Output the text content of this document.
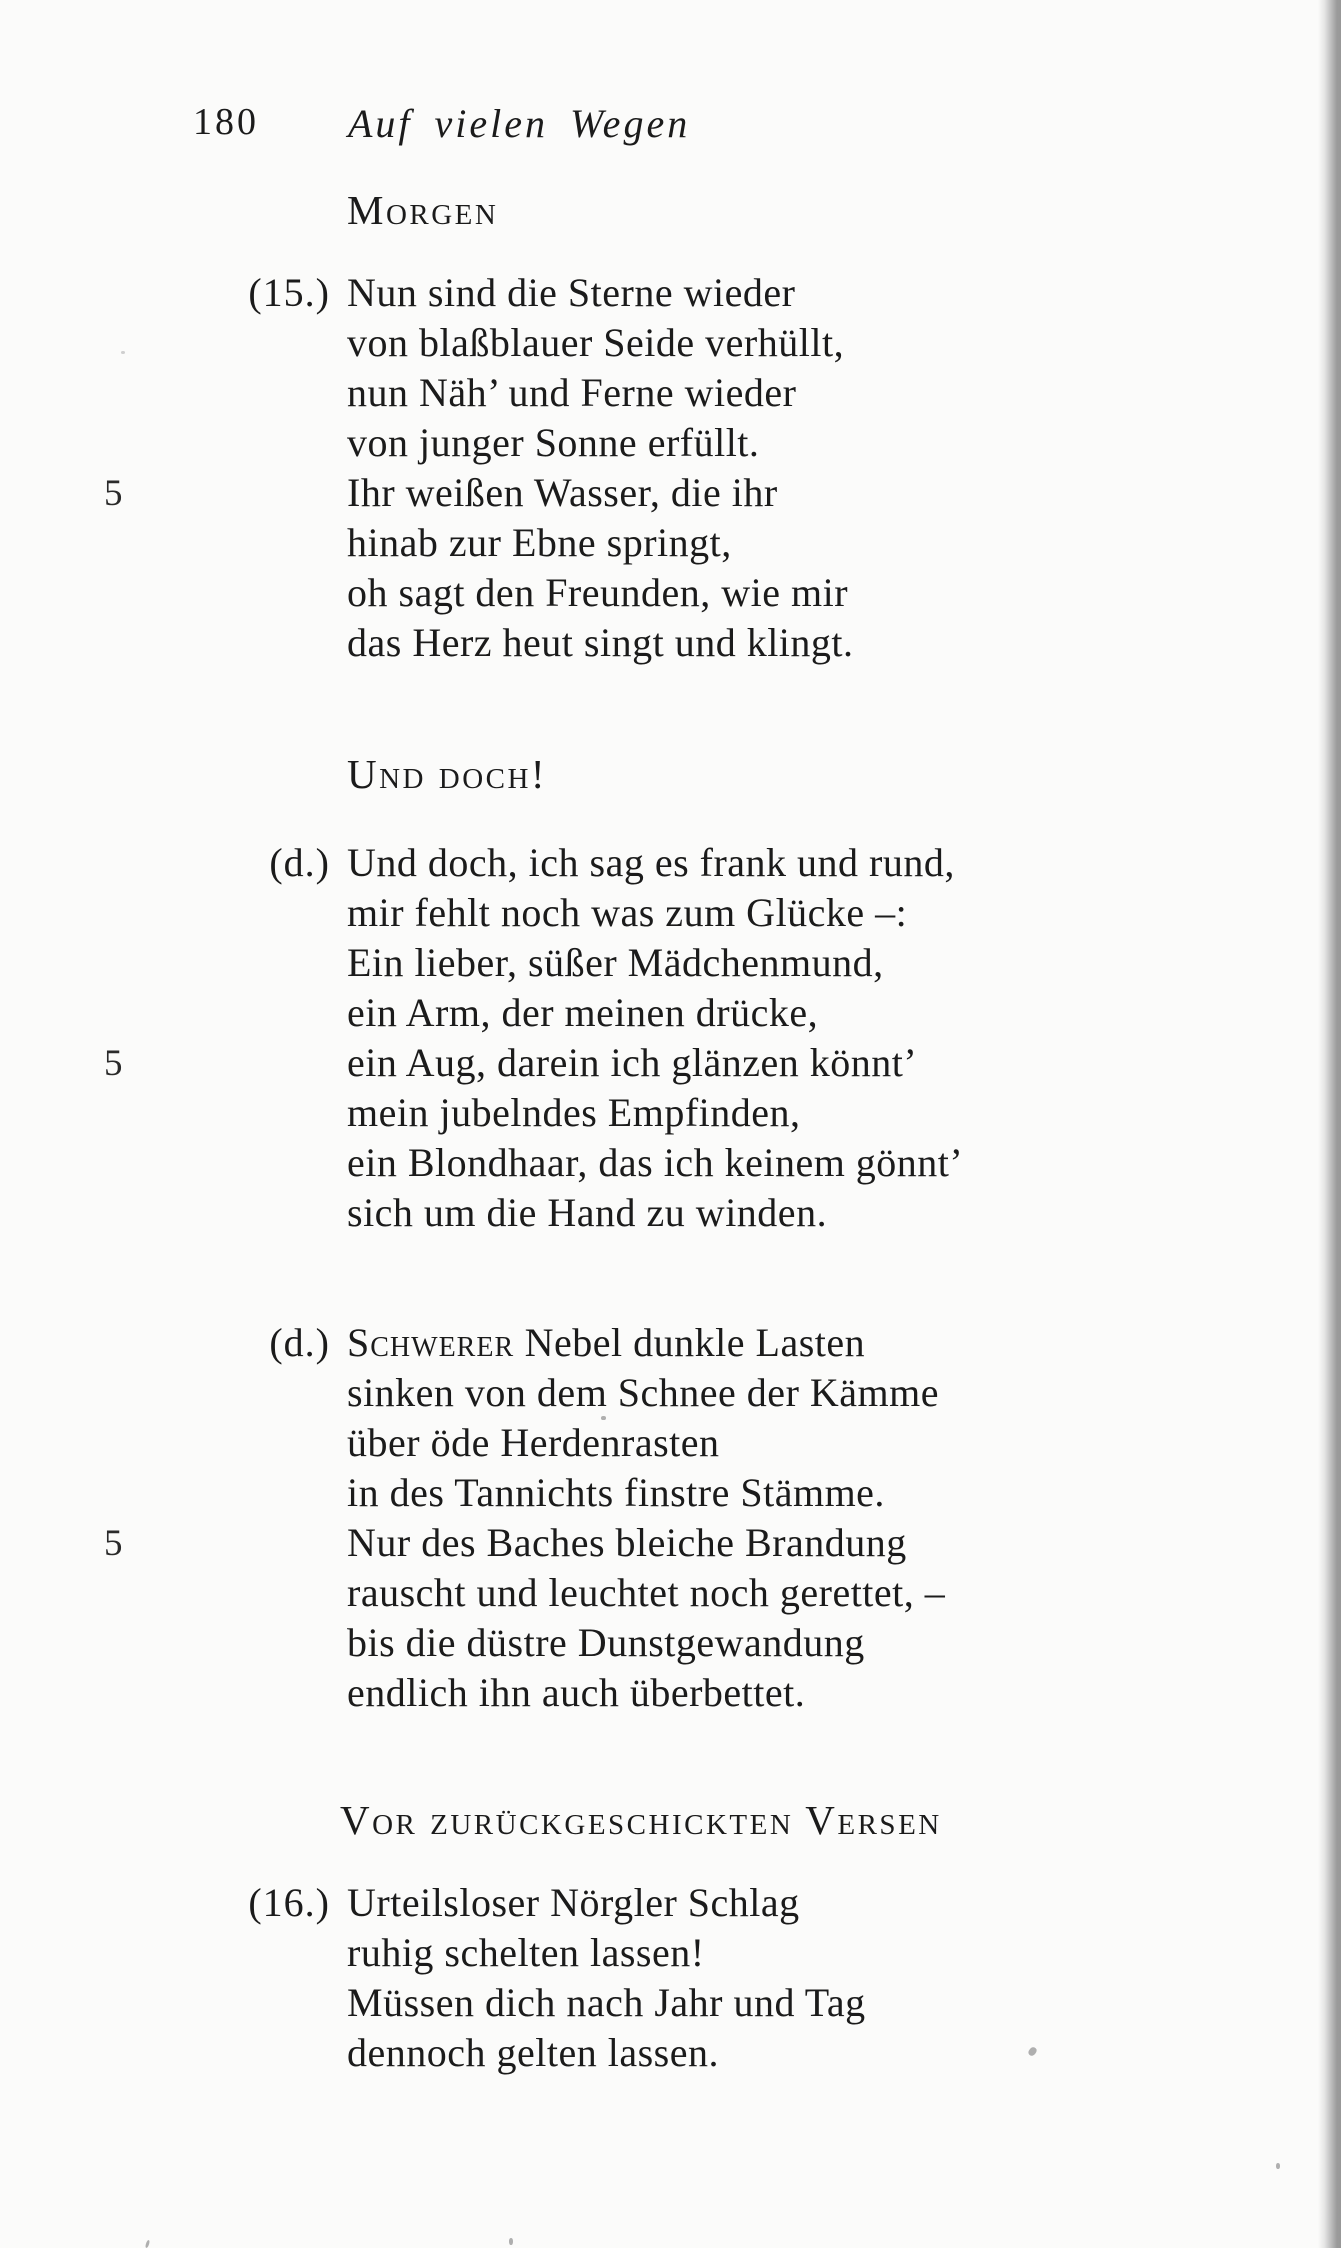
180 Auf vielen Wegen
Morgen
(15.) Nun sind die Sterne wieder
von blaßblauer Seide verhüllt,
nun Näh’ und Ferne wieder
von junger Sonne erfüllt.
5	Ihr weißen Wasser, die ihr
hinab zur Ebne springt,
oh sagt den Freunden, wie mir
das Herz heut singt und klingt.
Und doch!
(d.) Und doch, ich sag es frank und rund,
mir fehlt noch was zum Glücke –:
Ein lieber, süßer Mädchenmund,
ein Arm, der meinen drücke,
5	ein Aug, darein ich glänzen könnt’
mein jubelndes Empfinden,
ein Blondhaar, das ich keinem gönnt’
sich um die Hand zu winden.
(d.) Schwerer Nebel dunkle Lasten
sinken von dem Schnee der Kämme
über öde Herdenrasten
in des Tannichts finstre Stämme.
5	Nur des Baches bleiche Brandung
rauscht und leuchtet noch gerettet, –
bis die düstre Dunstgewandung
endlich ihn auch überbettet.
Vor zurückgeschickten Versen
(16.) Urteilsloser Nörgler Schlag
ruhig schelten lassen!
Müssen dich nach Jahr und Tag
dennoch gelten lassen.
